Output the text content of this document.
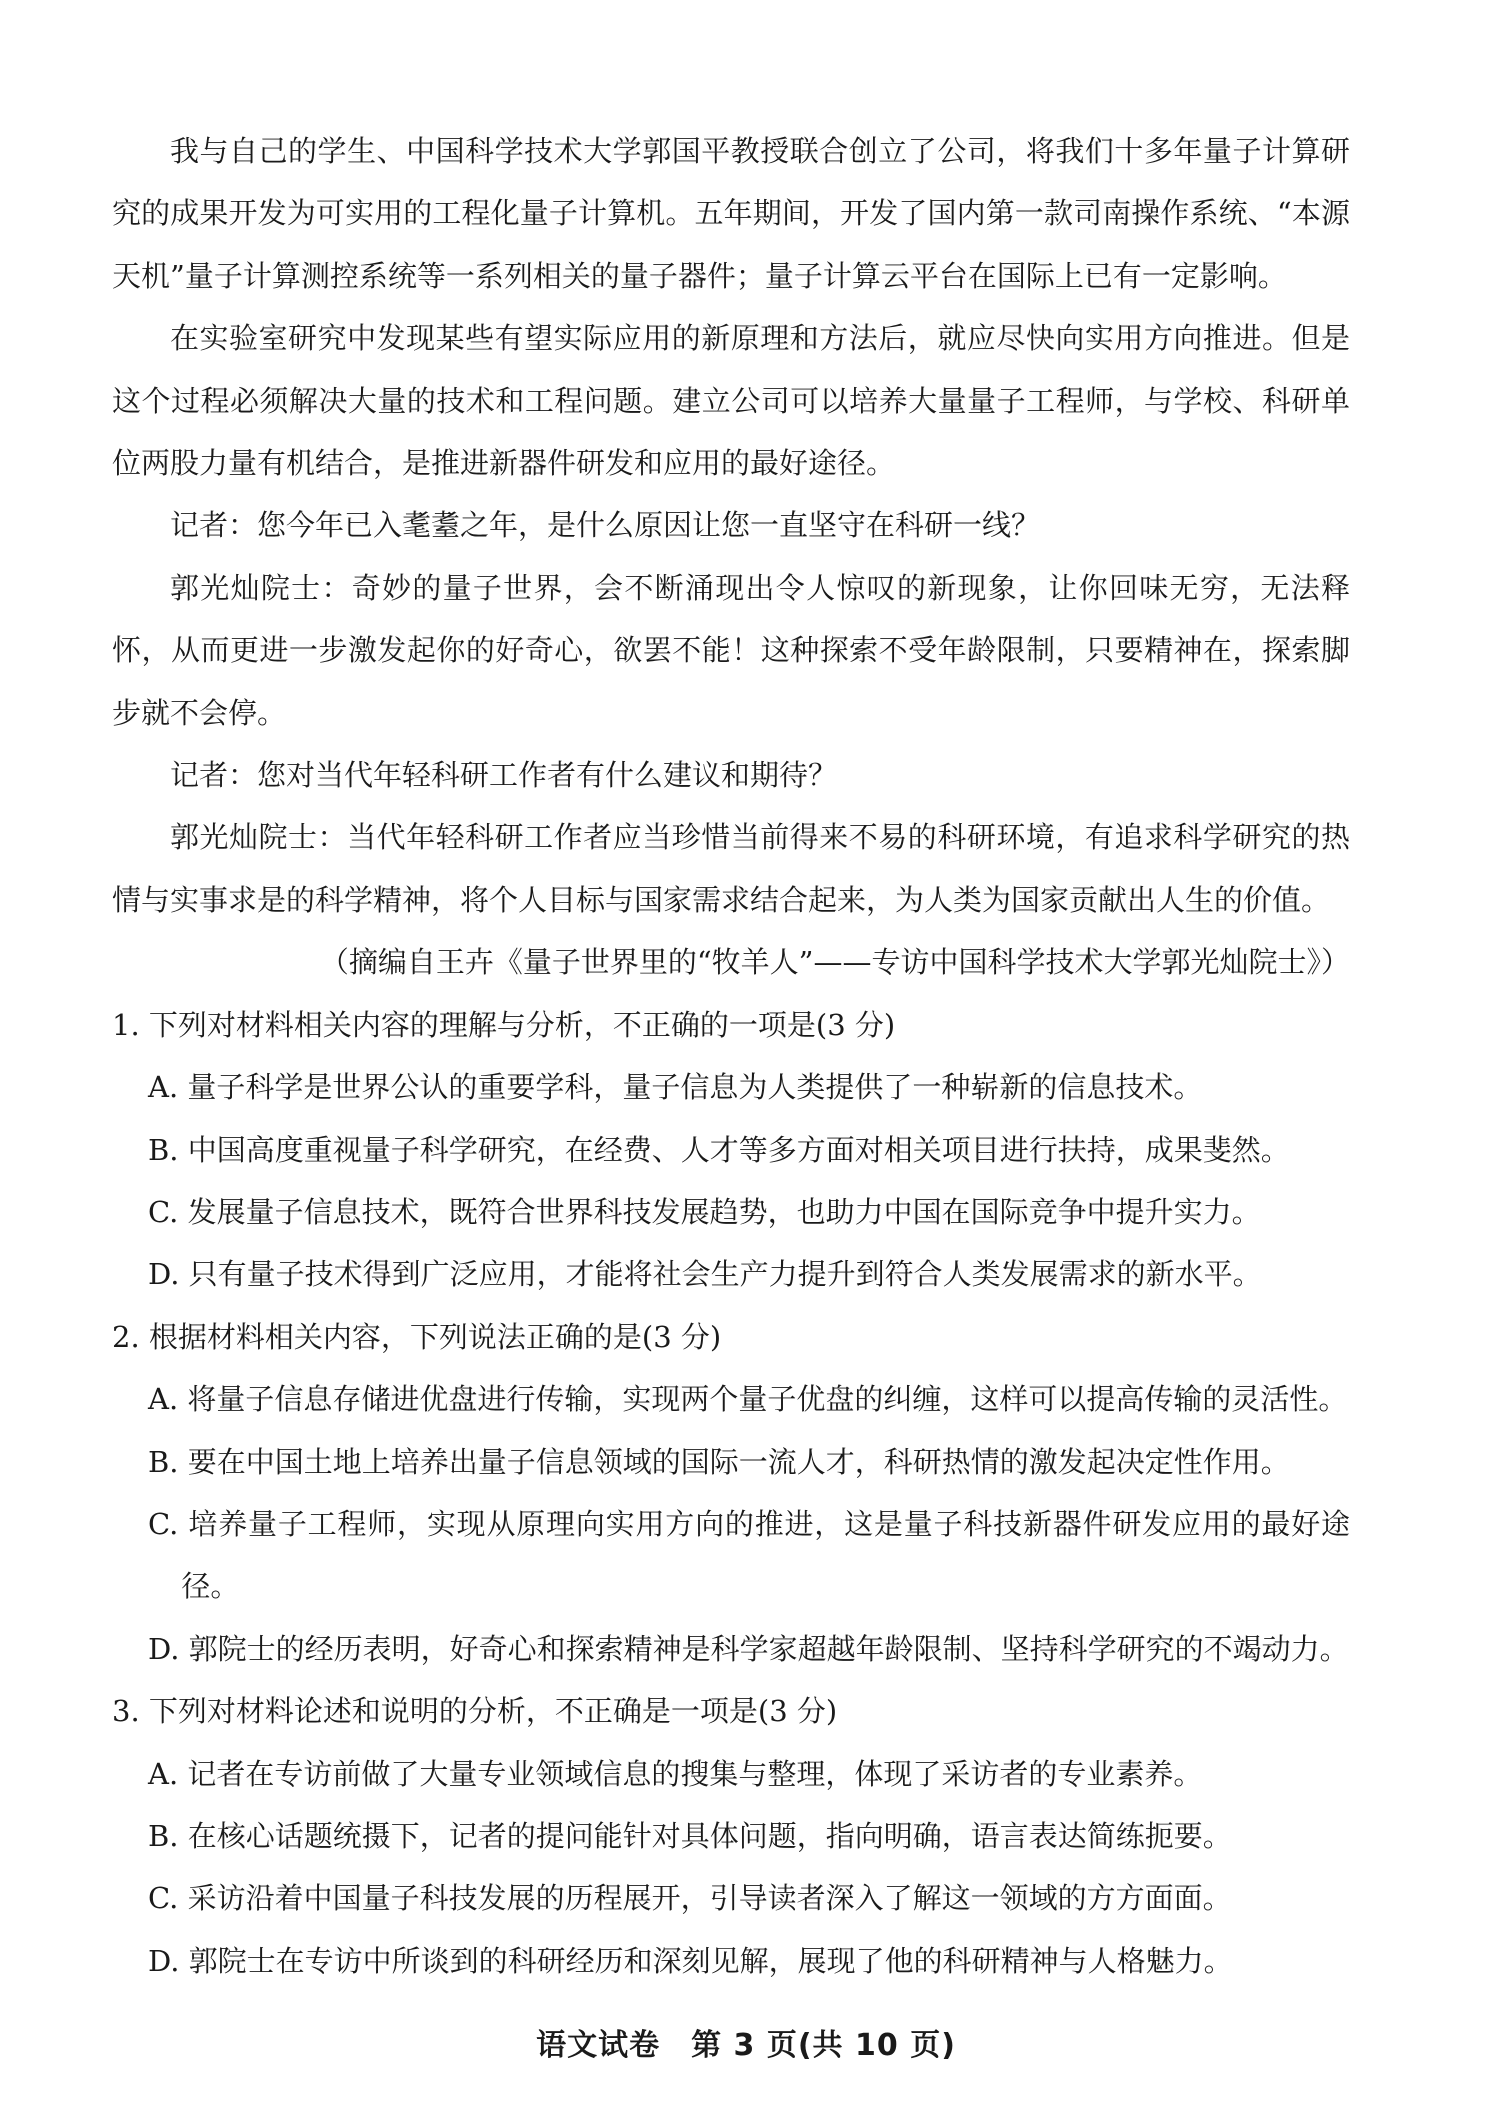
我与自己的学生、中国科学技术大学郭国平教授联合创立了公司，将我们十多年量子计算研究的成果开发为可实用的工程化量子计算机。五年期间，开发了国内第一款司南操作系统、“本源天机”量子计算测控系统等一系列相关的量子器件；量子计算云平台在国际上已有一定影响。

在实验室研究中发现某些有望实际应用的新原理和方法后，就应尽快向实用方向推进。但是这个过程必须解决大量的技术和工程问题。建立公司可以培养大量量子工程师，与学校、科研单位两股力量有机结合，是推进新器件研发和应用的最好途径。

记者：您今年已入耄耋之年，是什么原因让您一直坚守在科研一线？

郭光灿院士：奇妙的量子世界，会不断涌现出令人惊叹的新现象，让你回味无穷，无法释怀，从而更进一步激发起你的好奇心，欲罢不能！这种探索不受年龄限制，只要精神在，探索脚步就不会停。

记者：您对当代年轻科研工作者有什么建议和期待？

郭光灿院士：当代年轻科研工作者应当珍惜当前得来不易的科研环境，有追求科学研究的热情与实事求是的科学精神，将个人目标与国家需求结合起来，为人类为国家贡献出人生的价值。

（摘编自王卉《量子世界里的“牧羊人”——专访中国科学技术大学郭光灿院士》）

1. 下列对材料相关内容的理解与分析，不正确的一项是(3 分)

A. 量子科学是世界公认的重要学科，量子信息为人类提供了一种崭新的信息技术。
B. 中国高度重视量子科学研究，在经费、人才等多方面对相关项目进行扶持，成果斐然。
C. 发展量子信息技术，既符合世界科技发展趋势，也助力中国在国际竞争中提升实力。
D. 只有量子技术得到广泛应用，才能将社会生产力提升到符合人类发展需求的新水平。

2. 根据材料相关内容，下列说法正确的是(3 分)

A. 将量子信息存储进优盘进行传输，实现两个量子优盘的纠缠，这样可以提高传输的灵活性。
B. 要在中国土地上培养出量子信息领域的国际一流人才，科研热情的激发起决定性作用。
C. 培养量子工程师，实现从原理向实用方向的推进，这是量子科技新器件研发应用的最好途径。
D. 郭院士的经历表明，好奇心和探索精神是科学家超越年龄限制、坚持科学研究的不竭动力。

3. 下列对材料论述和说明的分析，不正确是一项是(3 分)

A. 记者在专访前做了大量专业领域信息的搜集与整理，体现了采访者的专业素养。
B. 在核心话题统摄下，记者的提问能针对具体问题，指向明确，语言表达简练扼要。
C. 采访沿着中国量子科技发展的历程展开，引导读者深入了解这一领域的方方面面。
D. 郭院士在专访中所谈到的科研经历和深刻见解，展现了他的科研精神与人格魅力。
语文试卷　第 3 页(共 10 页)
